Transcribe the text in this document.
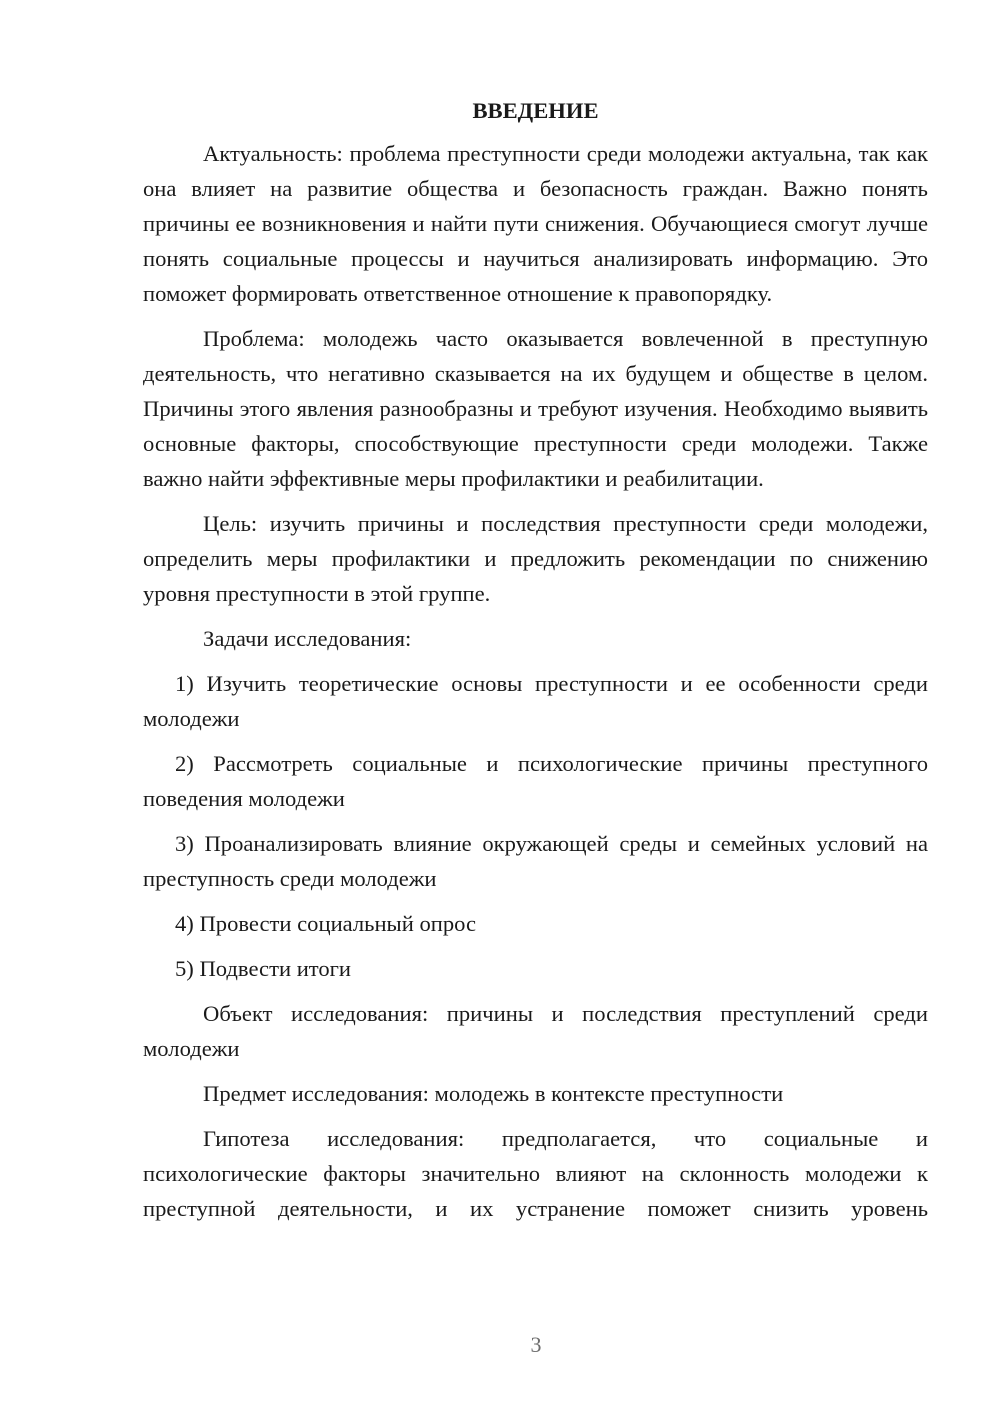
ВВЕДЕНИЕ

Актуальность: проблема преступности среди молодежи актуальна, так как она влияет на развитие общества и безопасность граждан. Важно понять причины ее возникновения и найти пути снижения. Обучающиеся смогут лучше понять социальные процессы и научиться анализировать информацию. Это поможет формировать ответственное отношение к правопорядку.

Проблема: молодежь часто оказывается вовлеченной в преступную деятельность, что негативно сказывается на их будущем и обществе в целом. Причины этого явления разнообразны и требуют изучения. Необходимо выявить основные факторы, способствующие преступности среди молодежи. Также важно найти эффективные меры профилактики и реабилитации.

Цель: изучить причины и последствия преступности среди молодежи, определить меры профилактики и предложить рекомендации по снижению уровня преступности в этой группе.

Задачи исследования:

1) Изучить теоретические основы преступности и ее особенности среди молодежи

2) Рассмотреть социальные и психологические причины преступного поведения молодежи

3) Проанализировать влияние окружающей среды и семейных условий на преступность среди молодежи

4) Провести социальный опрос

5) Подвести итоги

Объект исследования: причины и последствия преступлений среди молодежи

Предмет исследования: молодежь в контексте преступности

Гипотеза исследования: предполагается, что социальные и психологические факторы значительно влияют на склонность молодежи к преступной деятельности, и их устранение поможет снизить уровень

3
